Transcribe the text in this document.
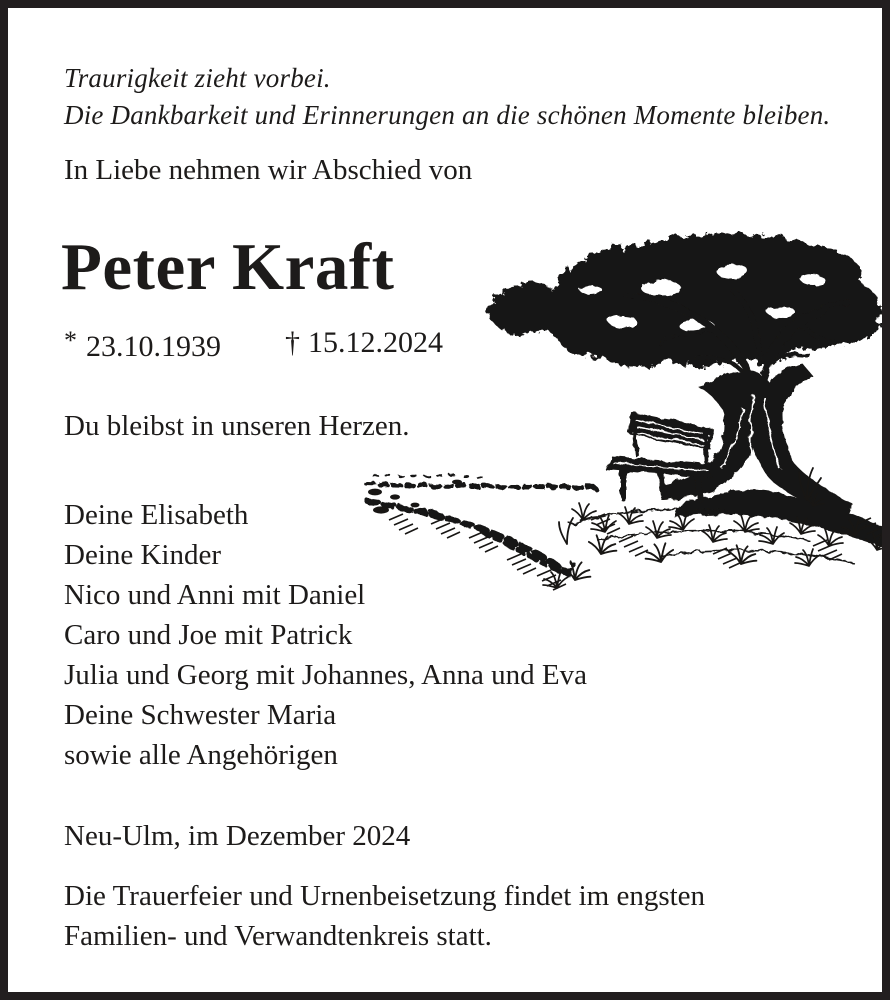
Traurigkeit zieht vorbei.
Die Dankbarkeit und Erinnerungen an die schönen Momente bleiben.
In Liebe nehmen wir Abschied von
Peter Kraft
* 23.10.1939 † 15.12.2024
Du bleibst in unseren Herzen.
Deine Elisabeth
Deine Kinder
Nico und Anni mit Daniel
Caro und Joe mit Patrick
Julia und Georg mit Johannes, Anna und Eva
Deine Schwester Maria
sowie alle Angehörigen
Neu-Ulm, im Dezember 2024
Die Trauerfeier und Urnenbeisetzung findet im engsten
Familien- und Verwandtenkreis statt.
